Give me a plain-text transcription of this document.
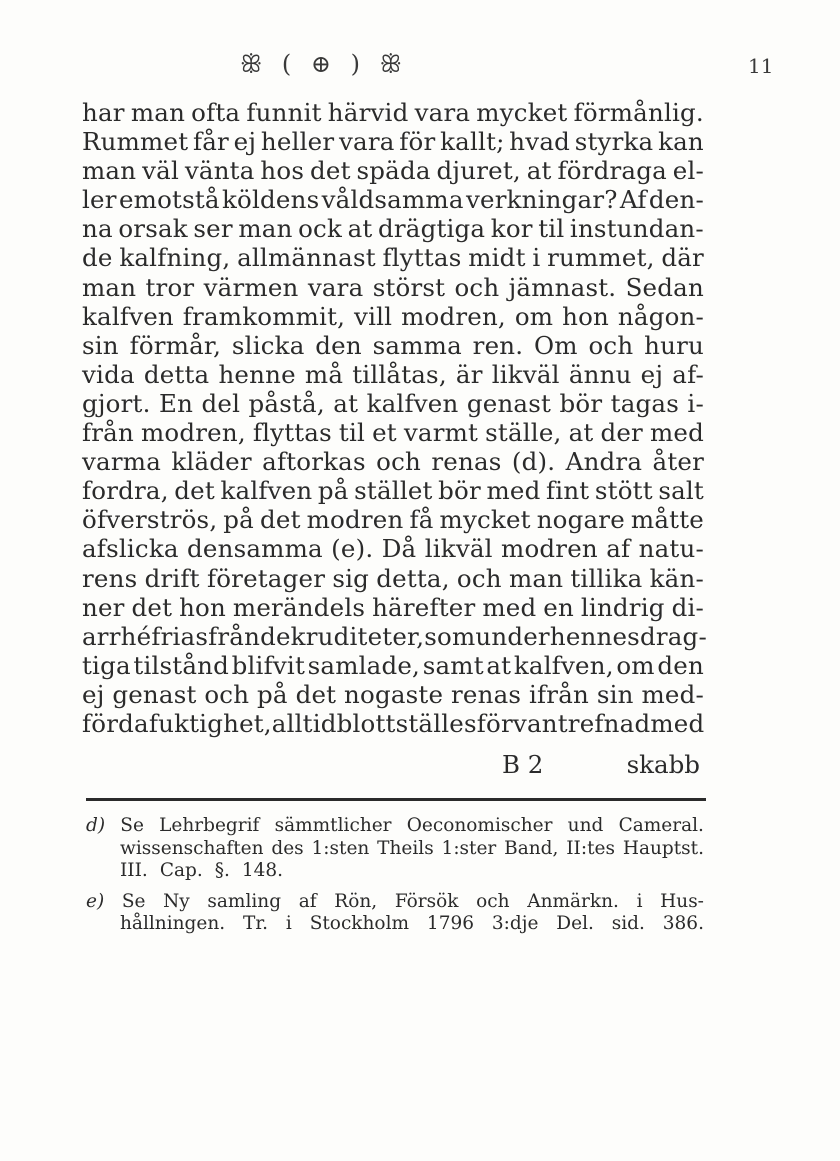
ꕥ ( ⊕ ) ꕥ	11
har man ofta funnit härvid vara mycket förmånlig.
Rummet får ej heller vara för kallt; hvad styrka kan
man väl väntа hos det späda djuret, at fördraga el-
ler emotstå köldens våldsamma verkningar? Af den-
na orsak ser man ock at drägtiga kor til instundan-
de kalfning, allmännast flyttas midt i rummet, där
man tror värmen vara störst och jämnast. Sedan
kalfven framkommit, vill modren, om hon någon-
sin förmår, slicka den samma ren. Om och huru
vida detta henne må tillåtas, är likväl ännu ej af-
gjort. En del påstå, at kalfven genast bör tagas i-
från modren, flyttas til et varmt ställe, at der med
varma kläder aftorkas och renas (d). Andra åter
fordra, det kalfven på stället bör med fint stött salt
öfverströs, på det modren få mycket nogare måtte
afslicka densamma (e). Då likväl modren af natu-
rens drift företager sig detta, och man tillika kän-
ner det hon merändels härefter med en lindrig di-
arrhé frias från de kruditeter, som under hennes drag-
tiga tilstånd blifvit samlade, samt at kalfven, om den
ej genast och på det nogaste renas ifrån sin med-
förda fuktighet, alltid blottställes för vantrefnad med
B 2	skabb
d) Se Lehrbegrif sämmtlicher Oeconomischer und Cameral.
wissenschaften des 1:sten Theils 1:ster Band, II:tes Hauptst.
III. Cap. §. 148.
e) Se Ny samling af Rön, Försök och Anmärkn. i Hus-
hållningen. Tr. i Stockholm 1796 3:dje Del. sid. 386.
